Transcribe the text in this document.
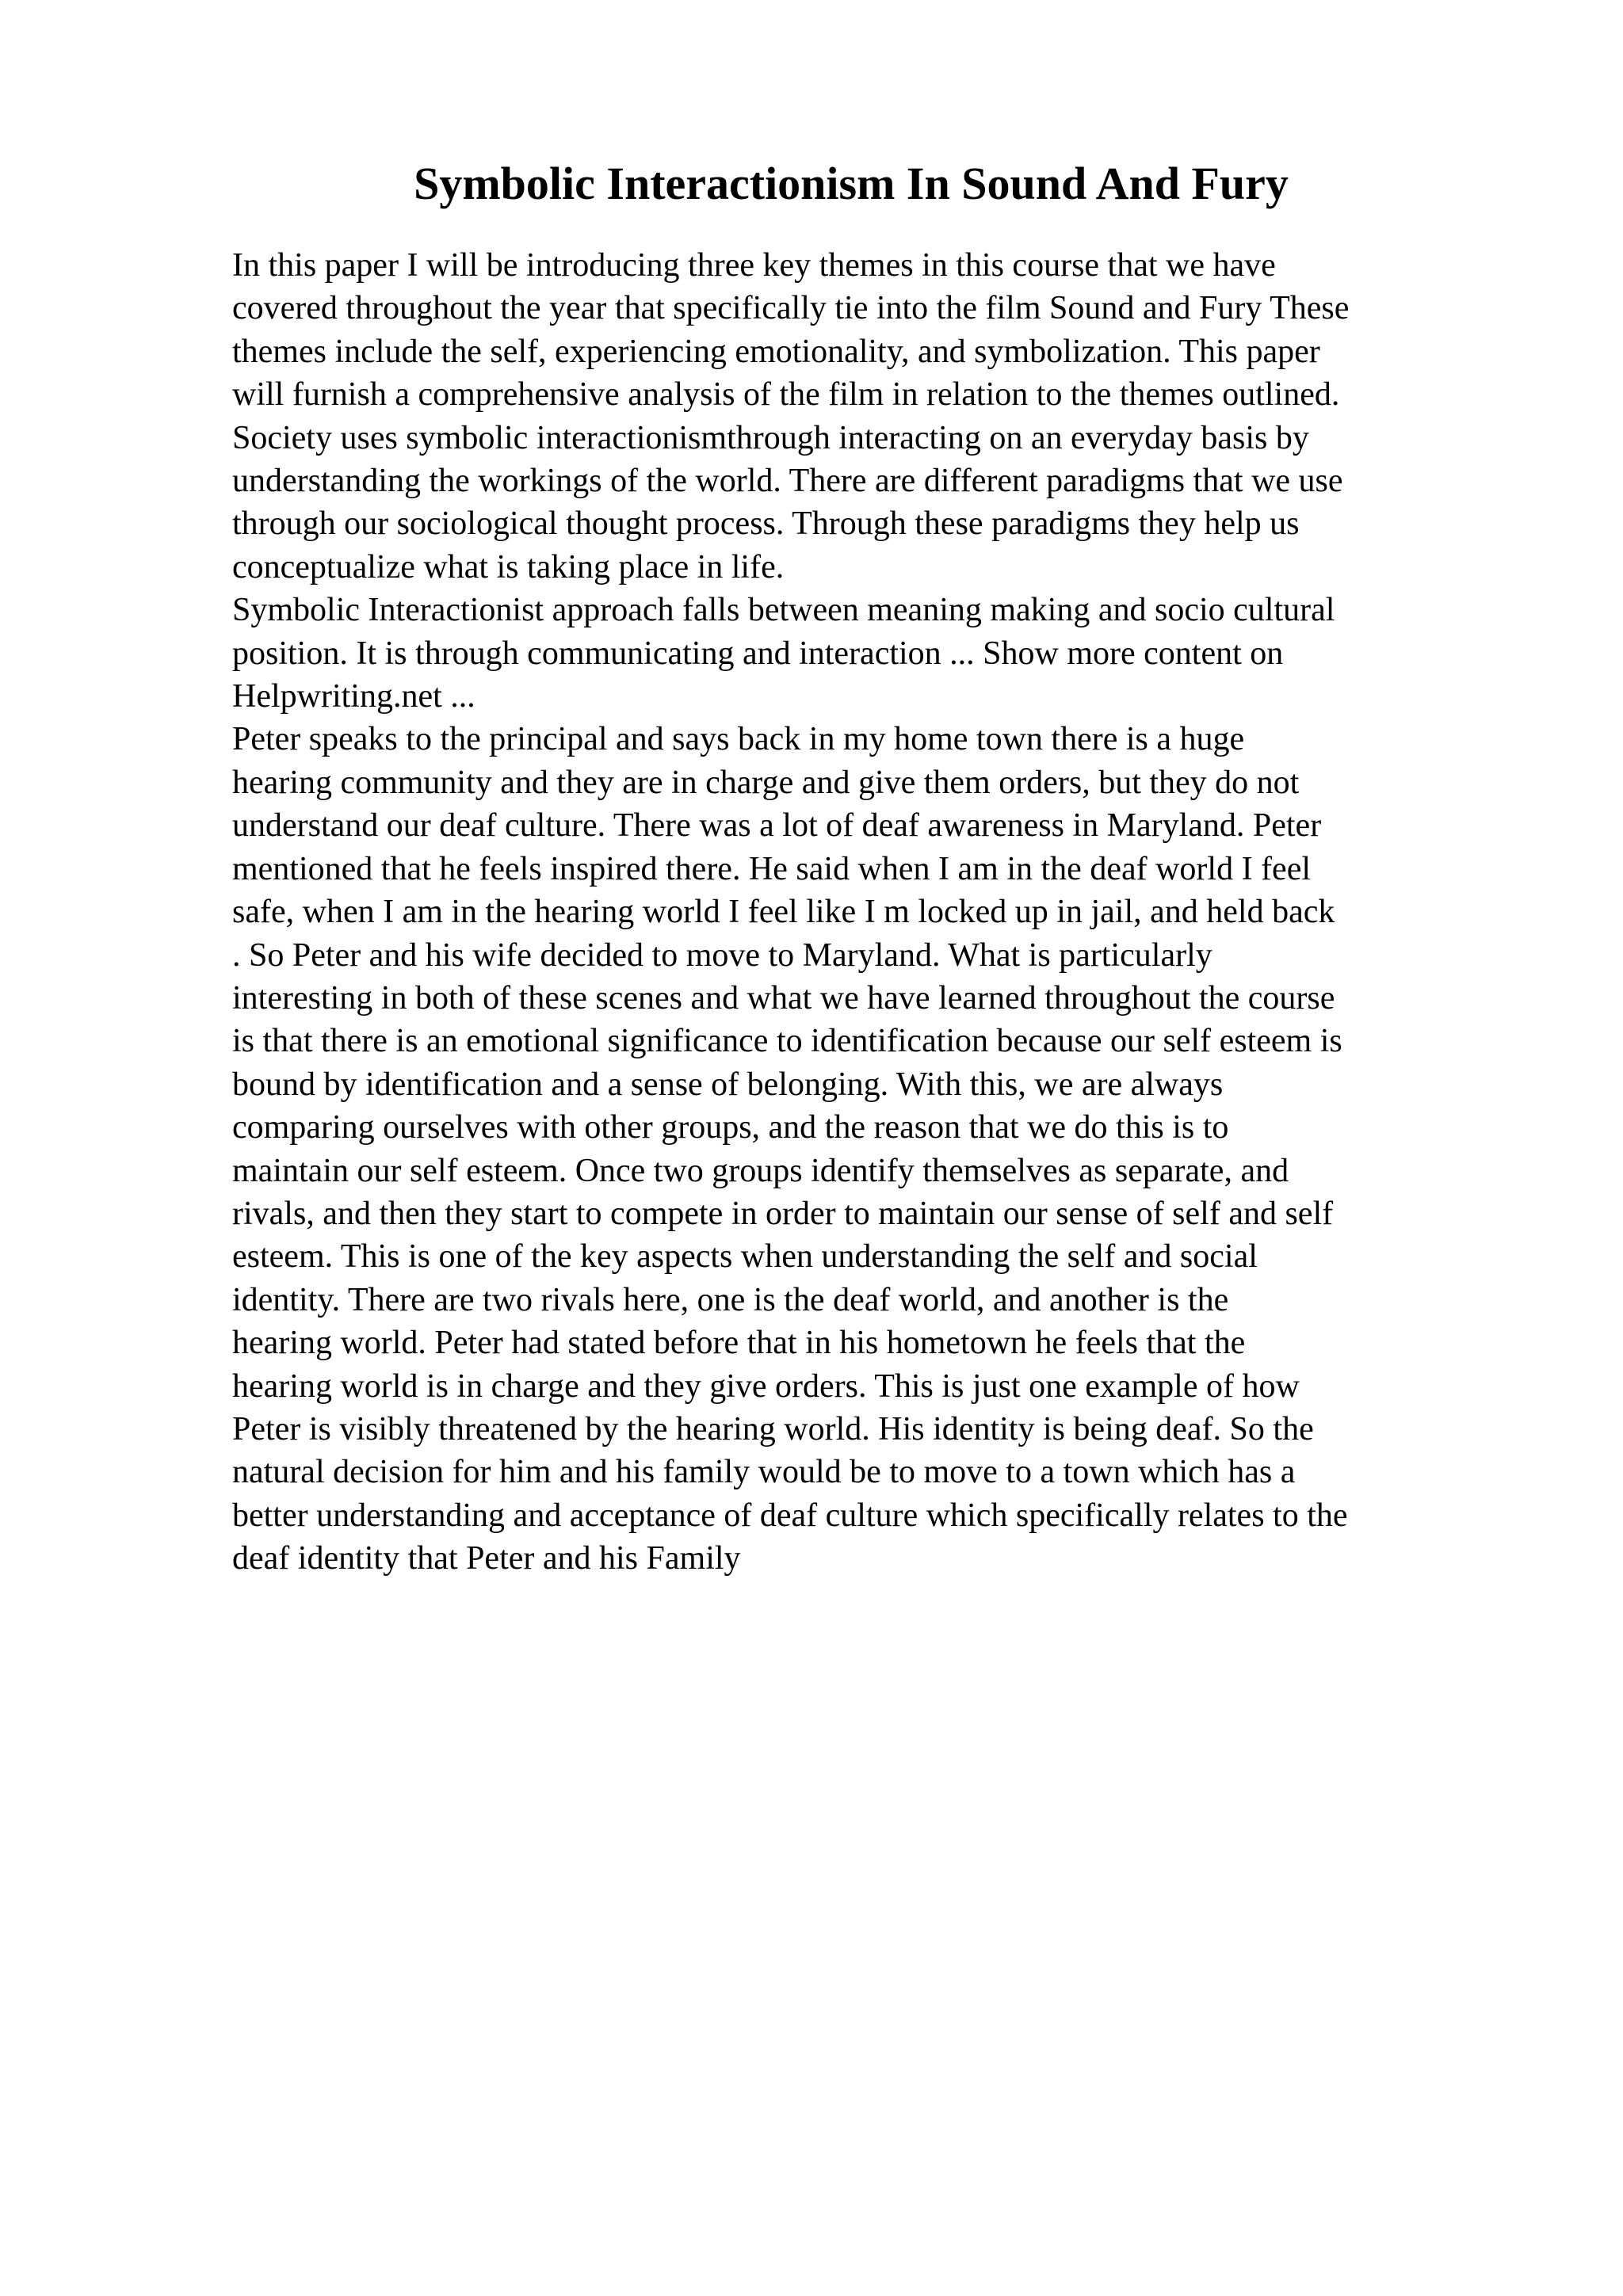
Symbolic Interactionism In Sound And Fury

In this paper I will be introducing three key themes in this course that we have

covered throughout the year that specifically tie into the film Sound and Fury These

themes include the self, experiencing emotionality, and symbolization. This paper

will furnish a comprehensive analysis of the film in relation to the themes outlined.

Society uses symbolic interactionismthrough interacting on an everyday basis by

understanding the workings of the world. There are different paradigms that we use

through our sociological thought process. Through these paradigms they help us

conceptualize what is taking place in life.

Symbolic Interactionist approach falls between meaning making and socio cultural

position. It is through communicating and interaction ... Show more content on

Helpwriting.net ...

Peter speaks to the principal and says back in my home town there is a huge

hearing community and they are in charge and give them orders, but they do not

understand our deaf culture. There was a lot of deaf awareness in Maryland. Peter

mentioned that he feels inspired there. He said when I am in the deaf world I feel

safe, when I am in the hearing world I feel like I m locked up in jail, and held back

. So Peter and his wife decided to move to Maryland. What is particularly

interesting in both of these scenes and what we have learned throughout the course

is that there is an emotional significance to identification because our self esteem is

bound by identification and a sense of belonging. With this, we are always

comparing ourselves with other groups, and the reason that we do this is to

maintain our self esteem. Once two groups identify themselves as separate, and

rivals, and then they start to compete in order to maintain our sense of self and self

esteem. This is one of the key aspects when understanding the self and social

identity. There are two rivals here, one is the deaf world, and another is the

hearing world. Peter had stated before that in his hometown he feels that the

hearing world is in charge and they give orders. This is just one example of how

Peter is visibly threatened by the hearing world. His identity is being deaf. So the

natural decision for him and his family would be to move to a town which has a

better understanding and acceptance of deaf culture which specifically relates to the

deaf identity that Peter and his Family
